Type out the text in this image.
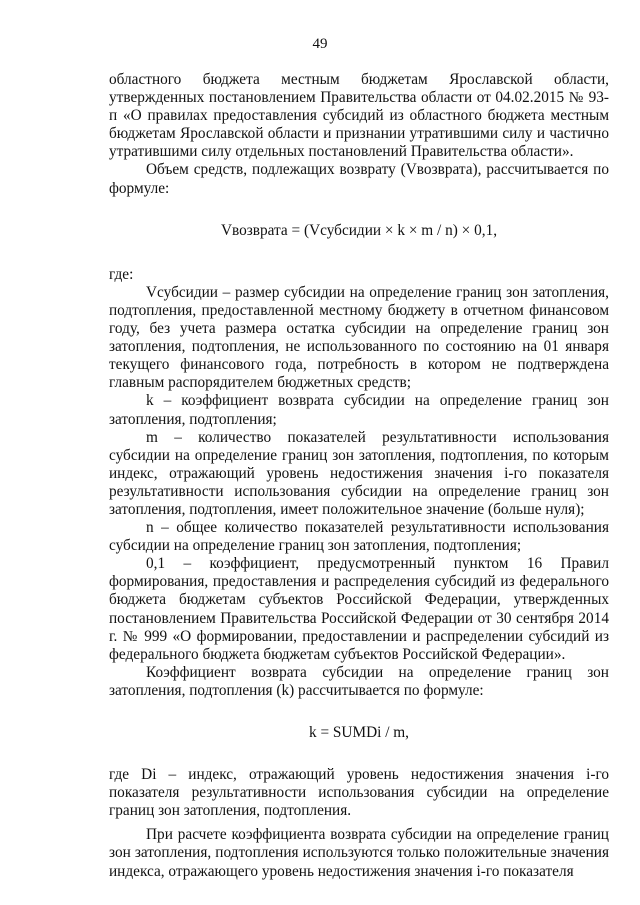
49

областного бюджета местным бюджетам Ярославской области, утвержденных постановлением Правительства области от 04.02.2015 № 93-п «О правилах предоставления субсидий из областного бюджета местным бюджетам Ярославской области и признании утратившими силу и частично утратившими силу отдельных постановлений Правительства области».

Объем средств, подлежащих возврату (Vвозврата), рассчитывается по формуле:

Vвозврата = (Vсубсидии × k × m / n) × 0,1,

где:

Vсубсидии – размер субсидии на определение границ зон затопления, подтопления, предоставленной местному бюджету в отчетном финансовом году, без учета размера остатка субсидии на определение границ зон затопления, подтопления, не использованного по состоянию на 01 января текущего финансового года, потребность в котором не подтверждена главным распорядителем бюджетных средств;

k – коэффициент возврата субсидии на определение границ зон затопления, подтопления;

m – количество показателей результативности использования субсидии на определение границ зон затопления, подтопления, по которым индекс, отражающий уровень недостижения значения i-го показателя результативности использования субсидии на определение границ зон затопления, подтопления, имеет положительное значение (больше нуля);

n – общее количество показателей результативности использования субсидии на определение границ зон затопления, подтопления;

0,1 – коэффициент, предусмотренный пунктом 16 Правил формирования, предоставления и распределения субсидий из федерального бюджета бюджетам субъектов Российской Федерации, утвержденных постановлением Правительства Российской Федерации от 30 сентября 2014 г. № 999 «О формировании, предоставлении и распределении субсидий из федерального бюджета бюджетам субъектов Российской Федерации».

Коэффициент возврата субсидии на определение границ зон затопления, подтопления (k) рассчитывается по формуле:

k = SUMDi / m,

где Di – индекс, отражающий уровень недостижения значения i-го показателя результативности использования субсидии на определение границ зон затопления, подтопления.

При расчете коэффициента возврата субсидии на определение границ зон затопления, подтопления используются только положительные значения индекса, отражающего уровень недостижения значения i-го показателя
